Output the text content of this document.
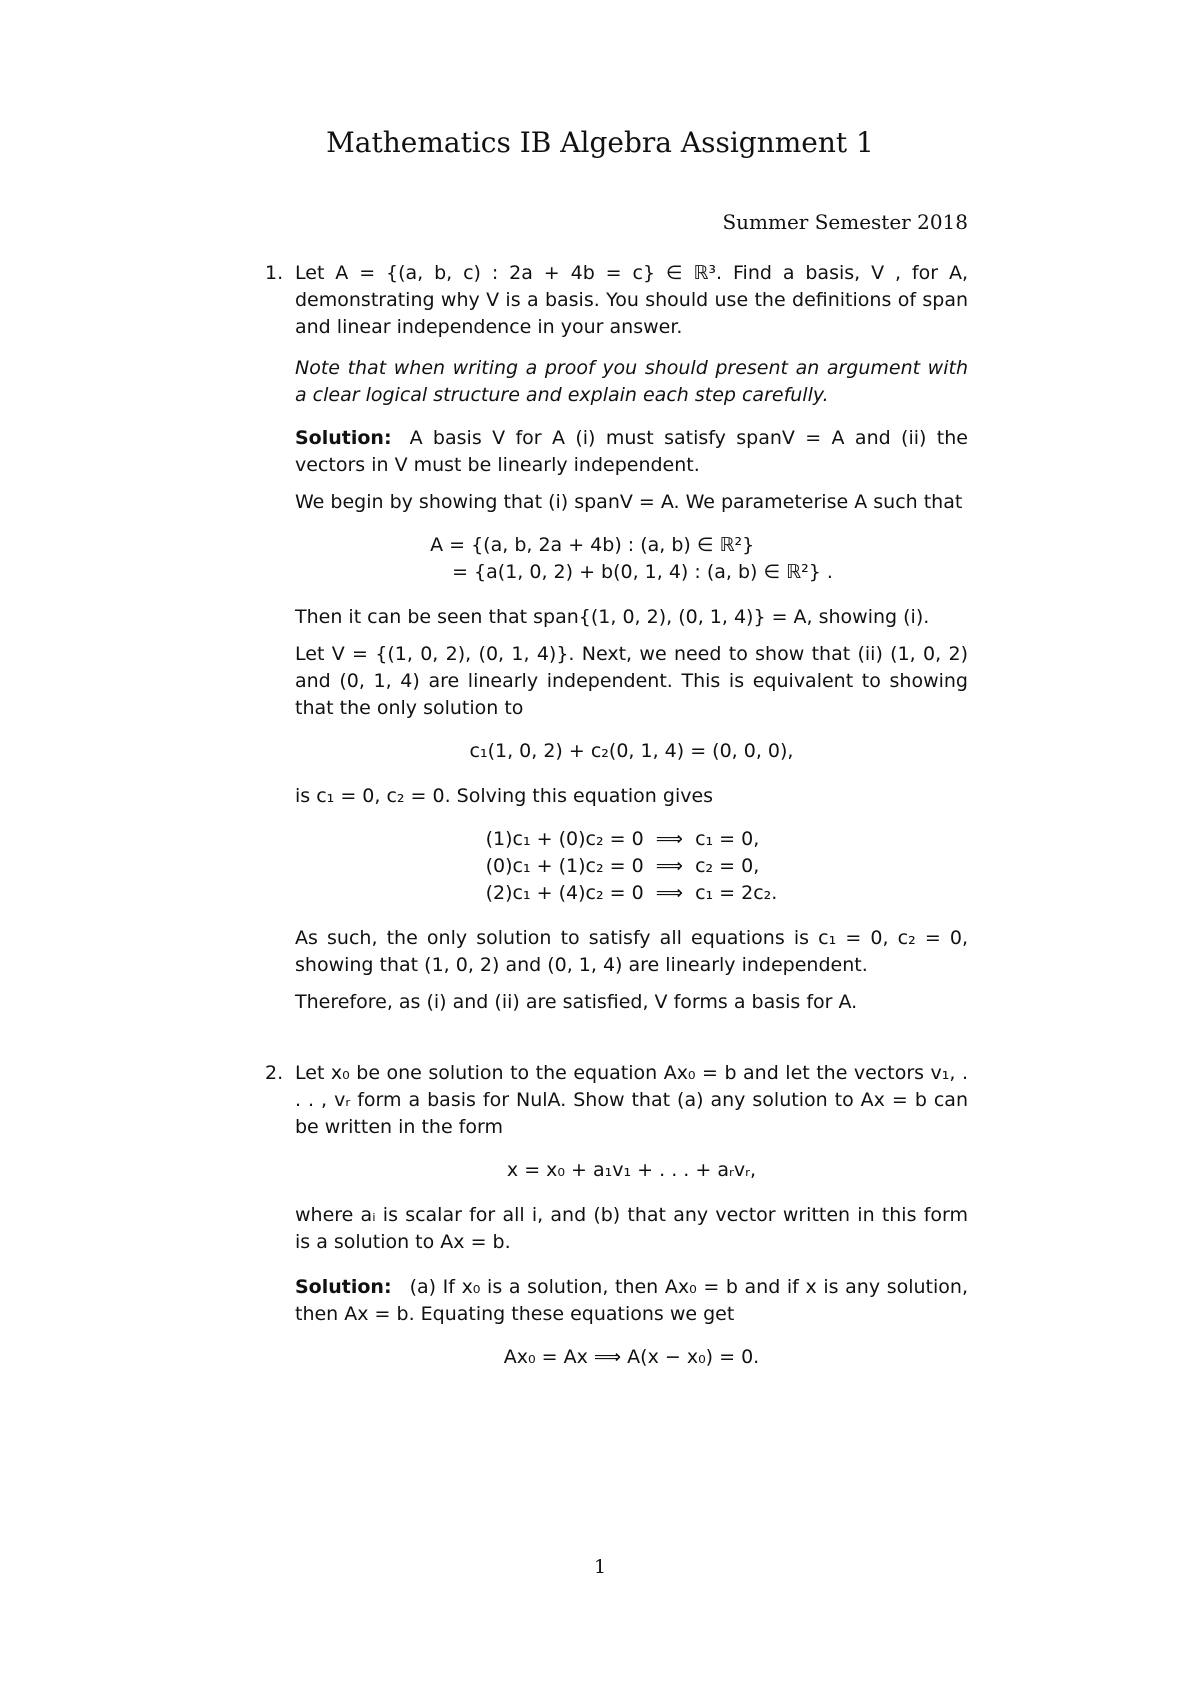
Mathematics IB Algebra Assignment 1
Summer Semester 2018
1. Let A = {(a, b, c) : 2a + 4b = c} ∈ ℝ³. Find a basis, V , for A, demonstrating why V is a basis. You should use the definitions of span and linear independence in your answer.

Note that when writing a proof you should present an argument with a clear logical structure and explain each step carefully.

Solution: A basis V for A (i) must satisfy spanV = A and (ii) the vectors in V must be linearly independent.

We begin by showing that (i) spanV = A. We parameterise A such that

A = {(a, b, 2a + 4b) : (a, b) ∈ ℝ²}
= {a(1, 0, 2) + b(0, 1, 4) : (a, b) ∈ ℝ²} .

Then it can be seen that span{(1, 0, 2), (0, 1, 4)} = A, showing (i).

Let V = {(1, 0, 2), (0, 1, 4)}. Next, we need to show that (ii) (1, 0, 2) and (0, 1, 4) are linearly independent. This is equivalent to showing that the only solution to

c₁(1, 0, 2) + c₂(0, 1, 4) = (0, 0, 0),

is c₁ = 0, c₂ = 0. Solving this equation gives

(1)c₁ + (0)c₂ = 0  ⟹  c₁ = 0,
(0)c₁ + (1)c₂ = 0  ⟹  c₂ = 0,
(2)c₁ + (4)c₂ = 0  ⟹  c₁ = 2c₂.

As such, the only solution to satisfy all equations is c₁ = 0, c₂ = 0, showing that (1, 0, 2) and (0, 1, 4) are linearly independent.

Therefore, as (i) and (ii) are satisfied, V forms a basis for A.

2. Let x₀ be one solution to the equation Ax₀ = b and let the vectors v₁, . . . , vᵣ form a basis for NulA. Show that (a) any solution to Ax = b can be written in the form

x = x₀ + a₁v₁ + . . . + aᵣvᵣ,

where aᵢ is scalar for all i, and (b) that any vector written in this form is a solution to Ax = b.

Solution: (a) If x₀ is a solution, then Ax₀ = b and if x is any solution, then Ax = b. Equating these equations we get

Ax₀ = Ax ⟹ A(x − x₀) = 0.
1
